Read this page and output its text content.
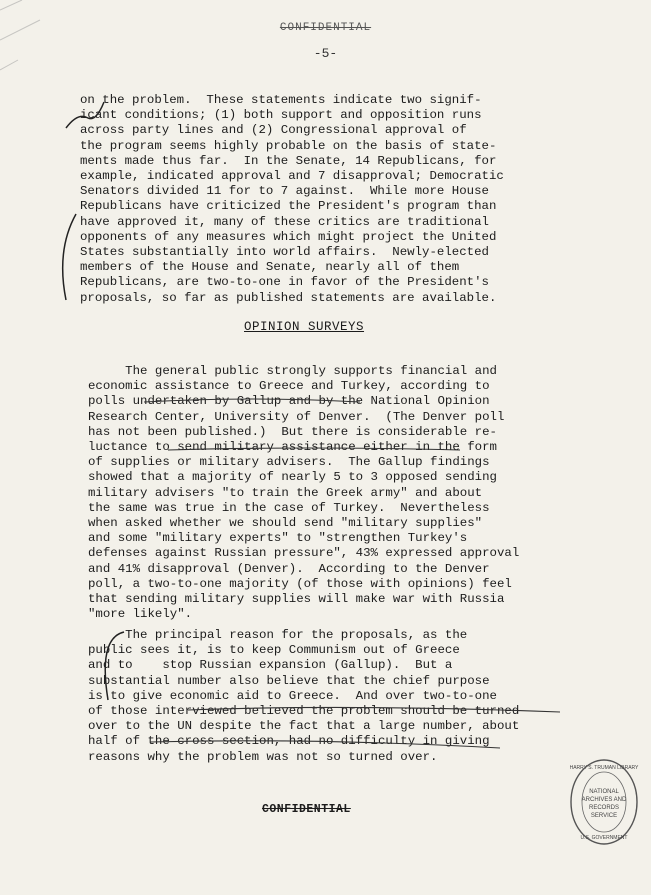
CONFIDENTIAL
-5-
on the problem.  These statements indicate two signif-
icant conditions; (1) both support and opposition runs
across party lines and (2) Congressional approval of
the program seems highly probable on the basis of state-
ments made thus far.  In the Senate, 14 Republicans, for
example, indicated approval and 7 disapproval; Democratic
Senators divided 11 for to 7 against.  While more House
Republicans have criticized the President's program than
have approved it, many of these critics are traditional
opponents of any measures which might project the United
States substantially into world affairs.  Newly-elected
members of the House and Senate, nearly all of them
Republicans, are two-to-one in favor of the President's
proposals, so far as published statements are available.
OPINION SURVEYS
The general public strongly supports financial and
economic assistance to Greece and Turkey, according to
polls undertaken by Gallup and by the National Opinion
Research Center, University of Denver.  (The Denver poll
has not been published.)  But there is considerable re-
luctance to send military assistance either in the form
of supplies or military advisers.  The Gallup findings
showed that a majority of nearly 5 to 3 opposed sending
military advisers "to train the Greek army" and about
the same was true in the case of Turkey.  Nevertheless
when asked whether we should send "military supplies"
and some "military experts" to "strengthen Turkey's
defenses against Russian pressure", 43% expressed approval
and 41% disapproval (Denver).  According to the Denver
poll, a two-to-one majority (of those with opinions) feel
that sending military supplies will make war with Russia
"more likely".
The principal reason for the proposals, as the
public sees it, is to keep Communism out of Greece
and to    stop Russian expansion (Gallup).  But a
substantial number also believe that the chief purpose
is to give economic aid to Greece.  And over two-to-one
of those interviewed believed the problem should be turned
over to the UN despite the fact that a large number, about
half of the cross-section, had no difficulty in giving
reasons why the problem was not so turned over.
CONFIDENTIAL
NATIONAL
ARCHIVES AND
RECORDS
SERVICE
HARRY S. TRUMAN LIBRARY
U.S. GOVERNMENT
